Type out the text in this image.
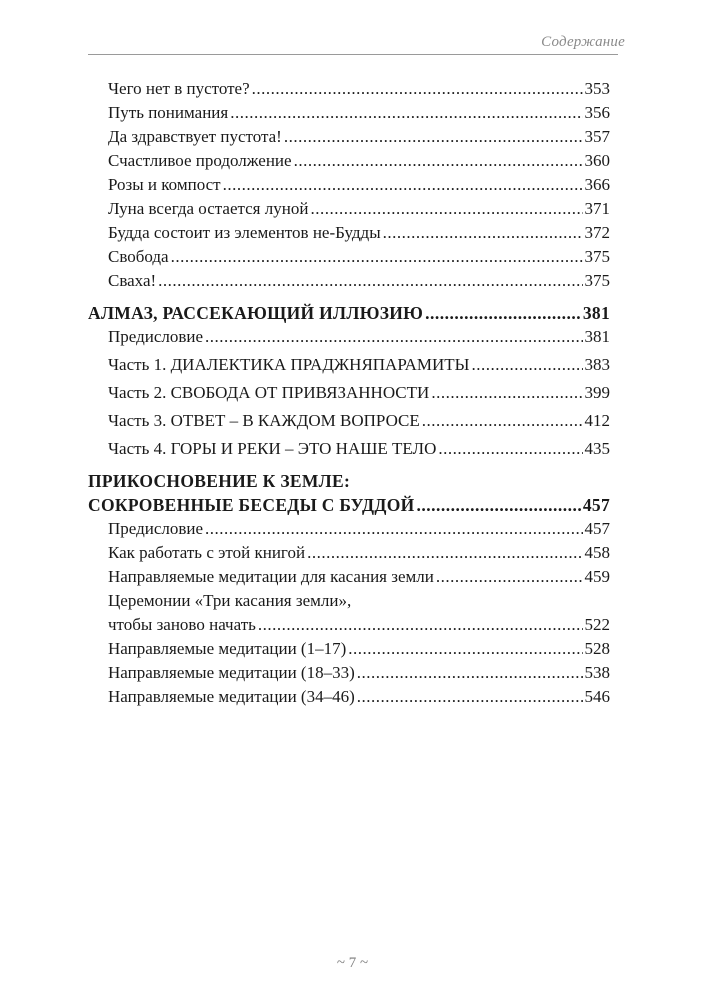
Содержание
Чего нет в пустоте? .....	353
Путь понимания .....	356
Да здравствует пустота! .....	357
Счастливое продолжение .....	360
Розы и компост .....	366
Луна всегда остается луной .....	371
Будда состоит из элементов не-Будды .....	372
Свобода .....	375
Сваха! .....	375
АЛМАЗ, РАССЕКАЮЩИЙ ИЛЛЮЗИЮ .....	381
Предисловие .....	381
Часть 1. ДИАЛЕКТИКА ПРАДЖНЯПАРАМИТЫ .....	383
Часть 2. СВОБОДА ОТ ПРИВЯЗАННОСТИ .....	399
Часть 3. ОТВЕТ – В КАЖДОМ ВОПРОСЕ .....	412
Часть 4. ГОРЫ И РЕКИ – ЭТО НАШЕ ТЕЛО .....	435
ПРИКОСНОВЕНИЕ К ЗЕМЛЕ:
СОКРОВЕННЫЕ БЕСЕДЫ С БУДДОЙ .....	457
Предисловие .....	457
Как работать с этой книгой .....	458
Направляемые медитации для касания земли .....	459
Церемонии «Три касания земли»,
чтобы заново начать .....	522
Направляемые медитации (1–17) .....	528
Направляемые медитации (18–33) .....	538
Направляемые медитации (34–46) .....	546
~ 7 ~
